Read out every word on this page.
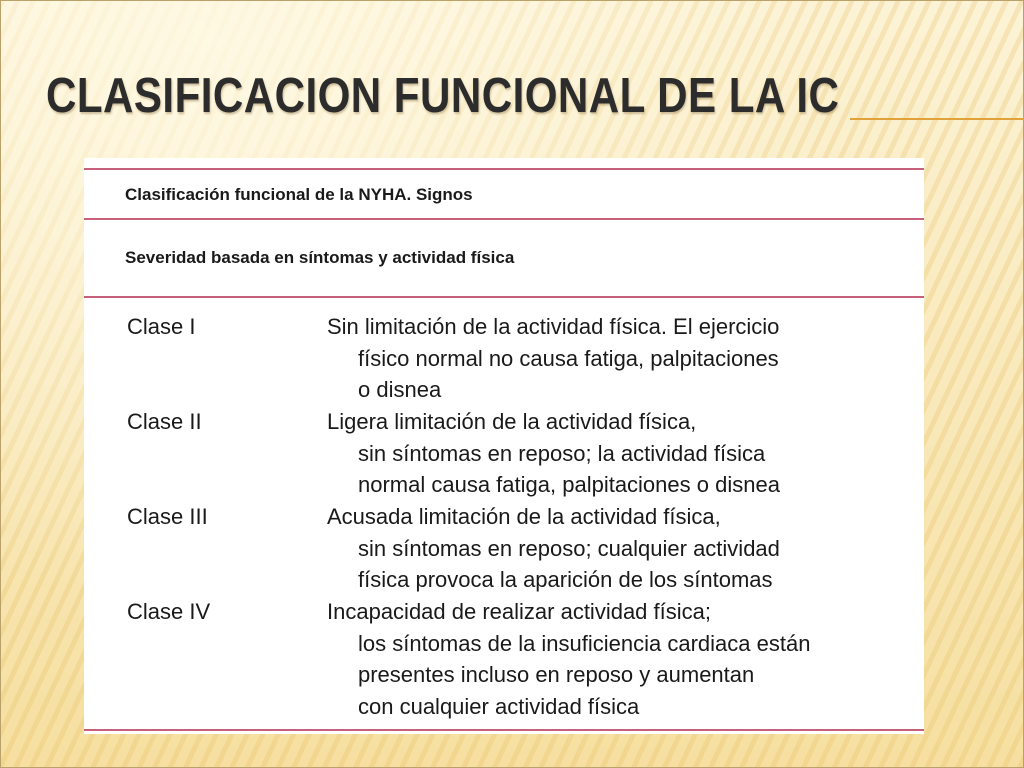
CLASIFICACION FUNCIONAL DE LA IC
Clasificación funcional de la NYHA. Signos
Severidad basada en síntomas y actividad física
Clase I	Sin limitación de la actividad física. El ejercicio
físico normal no causa fatiga, palpitaciones
o disnea
Clase II	Ligera limitación de la actividad física,
sin síntomas en reposo; la actividad física
normal causa fatiga, palpitaciones o disnea
Clase III	Acusada limitación de la actividad física,
sin síntomas en reposo; cualquier actividad
física provoca la aparición de los síntomas
Clase IV	Incapacidad de realizar actividad física;
los síntomas de la insuficiencia cardiaca están
presentes incluso en reposo y aumentan
con cualquier actividad física
